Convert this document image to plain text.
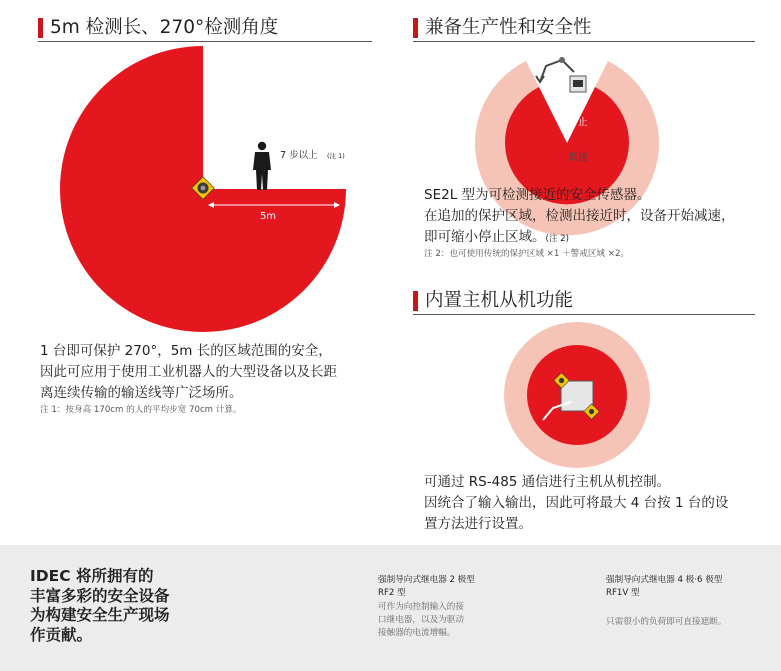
5m 检测长、270°检测角度
7 步以上 (注 1)
5m
停止
低速
1 台即可保护 270°，5m 长的区域范围的安全，
因此可应用于使用工业机器人的大型设备以及长距
离连续传输的输送线等广泛场所。
注 1：按身高 170cm 的人的平均步宽 70cm 计算。
兼备生产性和安全性
SE2L 型为可检测接近的安全传感器。
在追加的保护区域，检测出接近时，设备开始减速，
即可缩小停止区域。(注 2)
注 2：也可使用传统的保护区域 ×1 ＋警戒区域 ×2。
内置主机从机功能
可通过 RS-485 通信进行主机从机控制。
因统合了输入输出，因此可将最大 4 台按 1 台的设
置方法进行设置。
IDEC 将所拥有的
丰富多彩的安全设备
为构建安全生产现场
作贡献。
强制导向式继电器 2 极型
RF2 型
可作为向控制输入的接
口继电器，以及为驱动
接触器的电流增幅。
强制导向式继电器 4 极·6 极型
RF1V 型
只需很小的负荷即可直接遮断。
